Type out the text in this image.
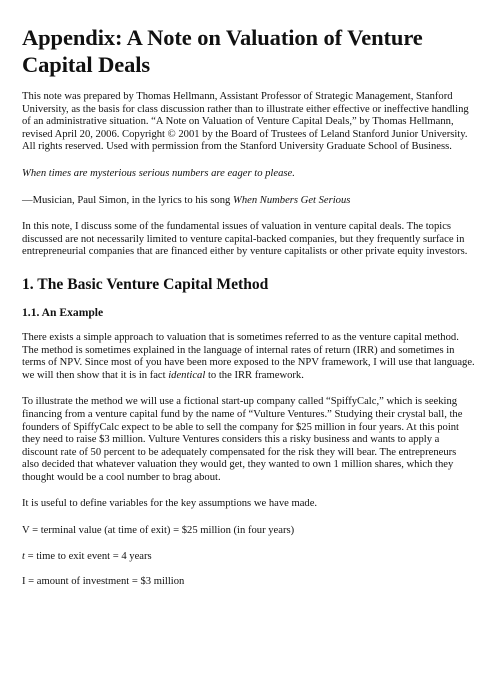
Appendix: A Note on Valuation of Venture Capital Deals

This note was prepared by Thomas Hellmann, Assistant Professor of Strategic Management, Stanford University, as the basis for class discussion rather than to illustrate either effective or ineffective handling of an administrative situation. “A Note on Valuation of Venture Capital Deals,” by Thomas Hellmann, revised April 20, 2006. Copyright © 2001 by the Board of Trustees of Leland Stanford Junior University. All rights reserved. Used with permission from the Stanford University Graduate School of Business.

When times are mysterious serious numbers are eager to please.

—Musician, Paul Simon, in the lyrics to his song When Numbers Get Serious

In this note, I discuss some of the fundamental issues of valuation in venture capital deals. The topics discussed are not necessarily limited to venture capital-backed companies, but they frequently surface in entrepreneurial companies that are financed either by venture capitalists or other private equity investors.

1. The Basic Venture Capital Method
1.1. An Example

There exists a simple approach to valuation that is sometimes referred to as the venture capital method. The method is sometimes explained in the language of internal rates of return (IRR) and sometimes in terms of NPV. Since most of you have been more exposed to the NPV framework, I will use that language. we will then show that it is in fact identical to the IRR framework.

To illustrate the method we will use a fictional start-up company called “SpiffyCalc,” which is seeking financing from a venture capital fund by the name of “Vulture Ventures.” Studying their crystal ball, the founders of SpiffyCalc expect to be able to sell the company for $25 million in four years. At this point they need to raise $3 million. Vulture Ventures considers this a risky business and wants to apply a discount rate of 50 percent to be adequately compensated for the risk they will bear. The entrepreneurs also decided that whatever valuation they would get, they wanted to own 1 million shares, which they thought would be a cool number to brag about.

It is useful to define variables for the key assumptions we have made.

V = terminal value (at time of exit) = $25 million (in four years)

t = time to exit event = 4 years

I = amount of investment = $3 million
